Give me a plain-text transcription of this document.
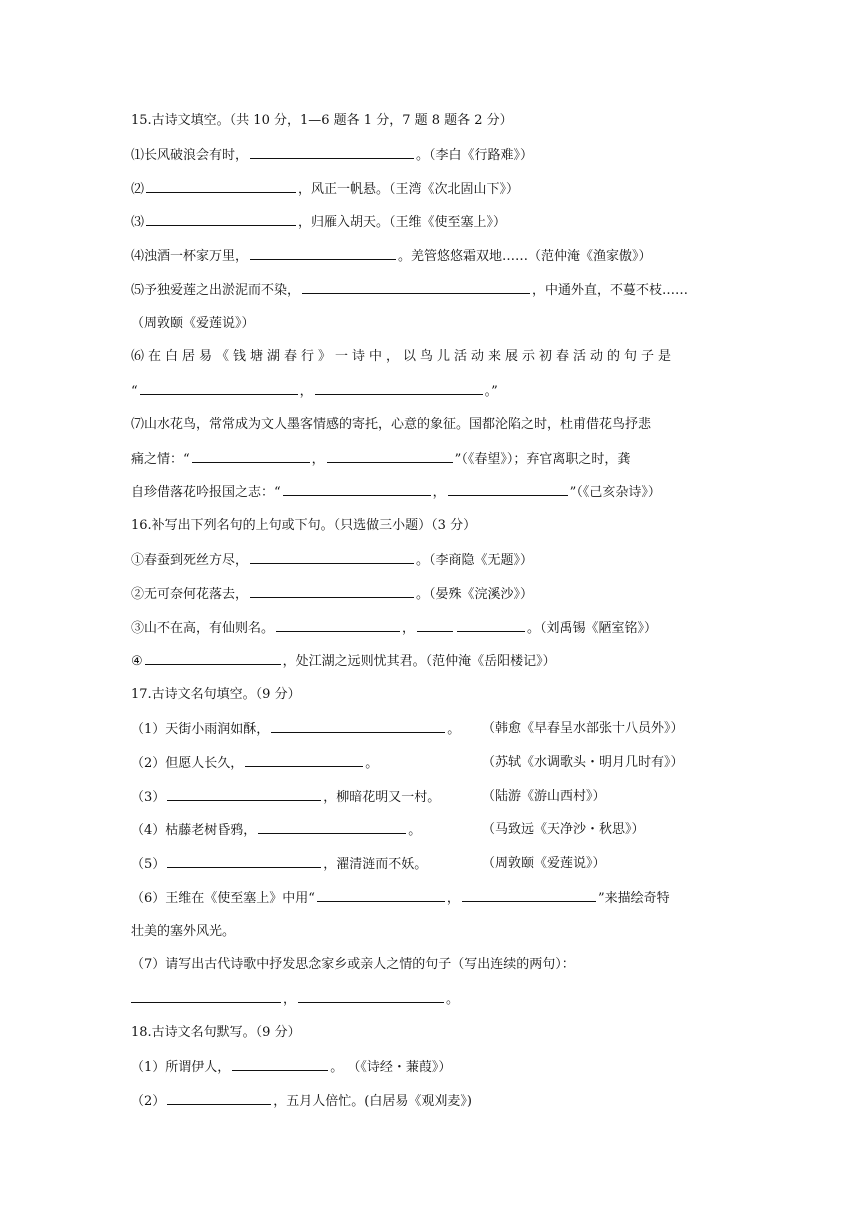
15.古诗文填空。（共 10 分，1—6 题各 1 分，7 题 8 题各 2 分）
⑴长风破浪会有时，	。（李白《行路难》）
⑵	，风正一帆悬。（王湾《次北固山下》）
⑶	，归雁入胡天。（王维《使至塞上》）
⑷浊酒一杯家万里，	。羌管悠悠霜双地……（范仲淹《渔家傲》）
⑸予独爱莲之出淤泥而不染，	，中通外直，不蔓不枝……
（周敦颐《爱莲说》）
⑹在白居易《钱塘湖春行》一诗中，以鸟儿活动来展示初春活动的句子是
“	，	。”
⑺山水花鸟，常常成为文人墨客情感的寄托，心意的象征。国都沦陷之时，杜甫借花鸟抒悲
痛之情：“	，	”（《春望》）；弃官离职之时，龚
自珍借落花吟报国之志：“	，	”（《己亥杂诗》）
16.补写出下列名句的上句或下句。（只选做三小题）（3 分）
①春蚕到死丝方尽，	。（李商隐《无题》）
②无可奈何花落去，	。（晏殊《浣溪沙》）
③山不在高，有仙则名。	，	。（刘禹锡《陋室铭》）
④	，处江湖之远则忧其君。（范仲淹《岳阳楼记》）
17.古诗文名句填空。（9 分）
（1）天街小雨润如酥，	。 （韩愈《早春呈水部张十八员外》）
（2）但愿人长久，	。	（苏轼《水调歌头・明月几时有》）
（3）	，柳暗花明又一村。	（陆游《游山西村》）
（4）枯藤老树昏鸦，	。	（马致远《天净沙・秋思》）
（5）	，濯清涟而不妖。	（周敦颐《爱莲说》）
（6）王维在《使至塞上》中用“	，	”来描绘奇特
壮美的塞外风光。
（7）请写出古代诗歌中抒发思念家乡或亲人之情的句子（写出连续的两句）：
，	。
18.古诗文名句默写。（9 分）
（1）所谓伊人，	。 （《诗经・蒹葭》）
（2）	，五月人倍忙。(白居易《观刈麦》)
